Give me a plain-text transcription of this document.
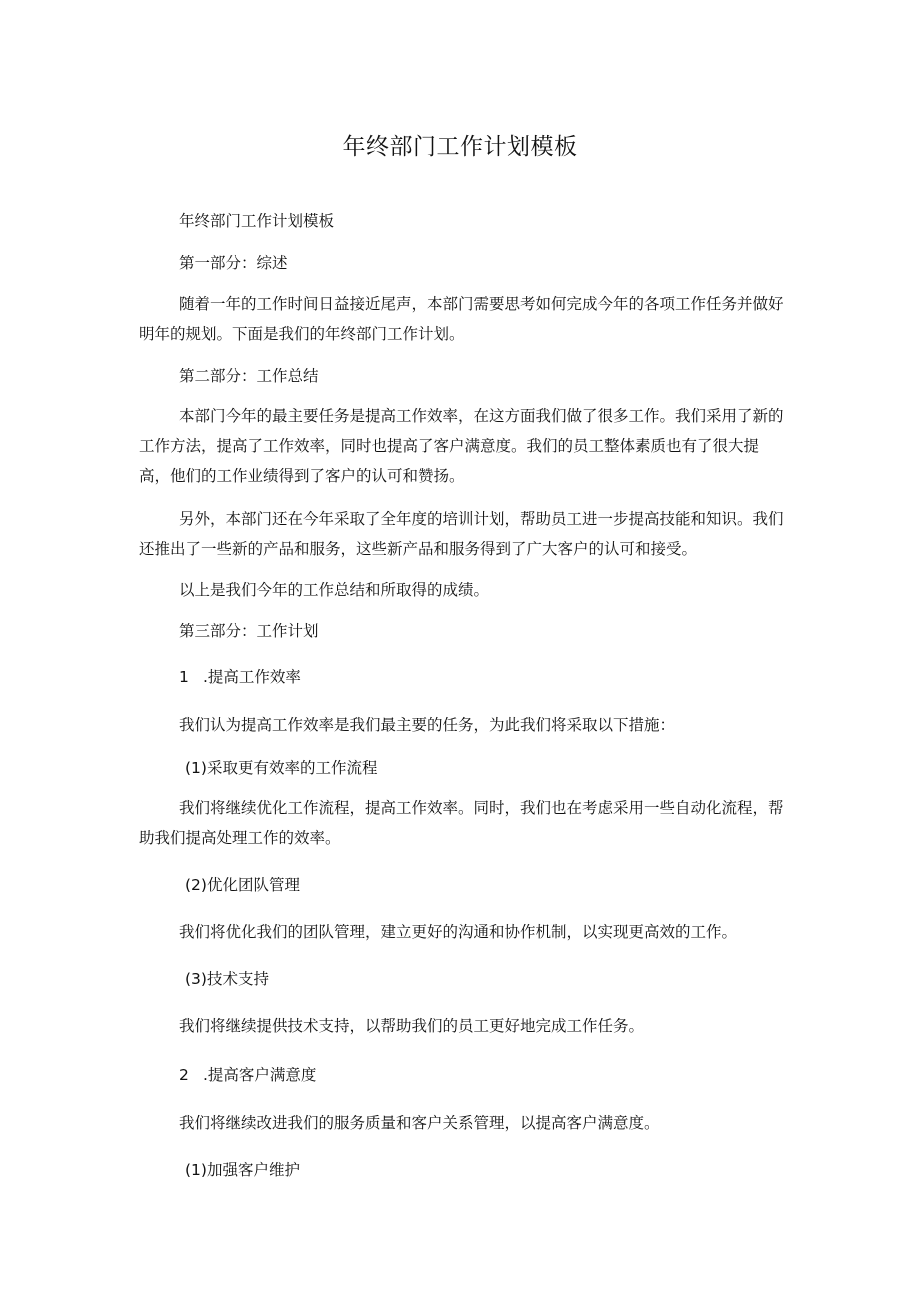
年终部门工作计划模板
年终部门工作计划模板
第一部分：综述
随着一年的工作时间日益接近尾声，本部门需要思考如何完成今年的各项工作任务并做好明年的规划。下面是我们的年终部门工作计划。
第二部分：工作总结
本部门今年的最主要任务是提高工作效率，在这方面我们做了很多工作。我们采用了新的工作方法，提高了工作效率，同时也提高了客户满意度。我们的员工整体素质也有了很大提高，他们的工作业绩得到了客户的认可和赞扬。
另外，本部门还在今年采取了全年度的培训计划，帮助员工进一步提高技能和知识。我们还推出了一些新的产品和服务，这些新产品和服务得到了广大客户的认可和接受。
以上是我们今年的工作总结和所取得的成绩。
第三部分：工作计划
1 .提高工作效率
我们认为提高工作效率是我们最主要的任务，为此我们将采取以下措施：
(1)采取更有效率的工作流程
我们将继续优化工作流程，提高工作效率。同时，我们也在考虑采用一些自动化流程，帮助我们提高处理工作的效率。
(2)优化团队管理
我们将优化我们的团队管理，建立更好的沟通和协作机制，以实现更高效的工作。
(3)技术支持
我们将继续提供技术支持，以帮助我们的员工更好地完成工作任务。
2 .提高客户满意度
我们将继续改进我们的服务质量和客户关系管理，以提高客户满意度。
(1)加强客户维护
